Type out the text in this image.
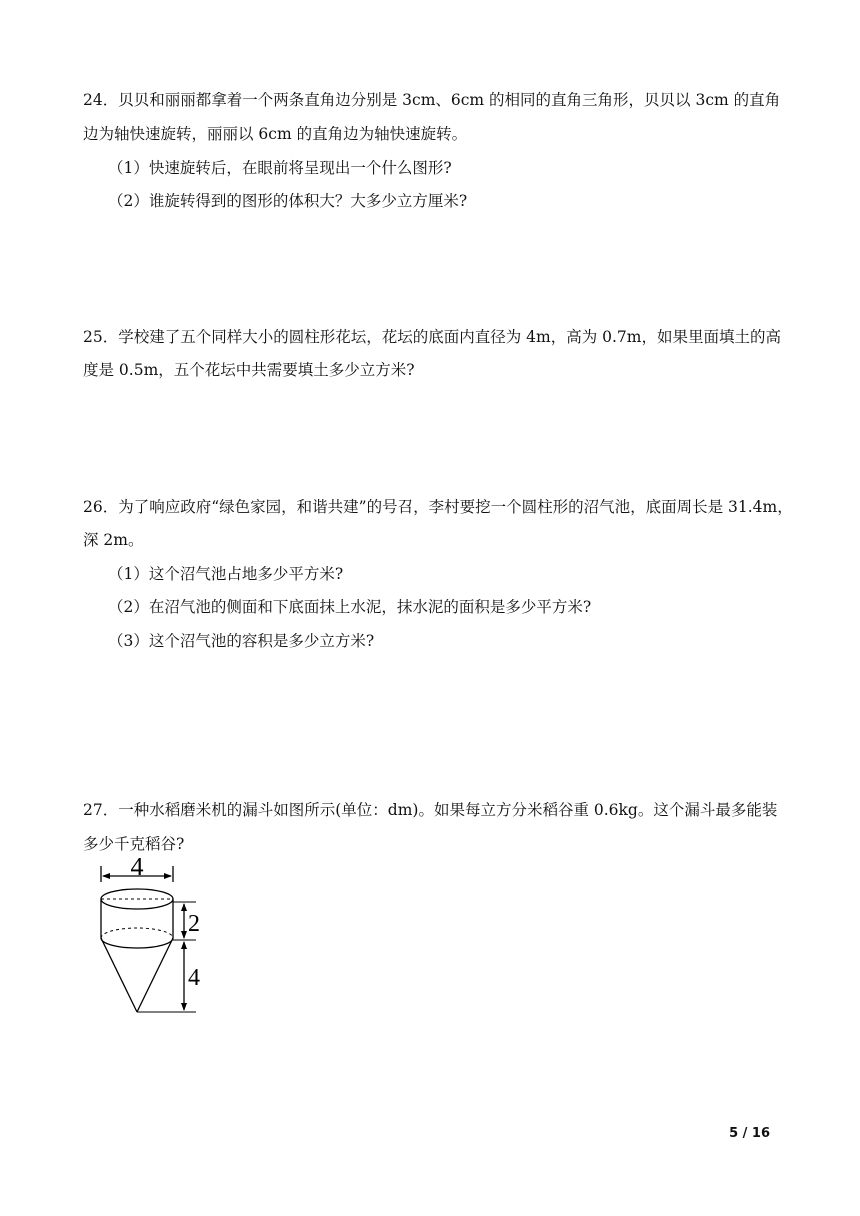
24．贝贝和丽丽都拿着一个两条直角边分别是 3cm、6cm 的相同的直角三角形，贝贝以 3cm 的直角
边为轴快速旋转，丽丽以 6cm 的直角边为轴快速旋转。
（1）快速旋转后，在眼前将呈现出一个什么图形?
（2）谁旋转得到的图形的体积大？大多少立方厘米?
25．学校建了五个同样大小的圆柱形花坛，花坛的底面内直径为 4m，高为 0.7m，如果里面填土的高
度是 0.5m，五个花坛中共需要填土多少立方米?
26．为了响应政府“绿色家园，和谐共建”的号召，李村要挖一个圆柱形的沼气池，底面周长是 31.4m，
深 2m。
（1）这个沼气池占地多少平方米?
（2）在沼气池的侧面和下底面抹上水泥，抹水泥的面积是多少平方米?
（3）这个沼气池的容积是多少立方米?
27．一种水稻磨米机的漏斗如图所示(单位：dm)。如果每立方分米稻谷重 0.6kg。这个漏斗最多能装
多少千克稻谷?
4
2
4
5 / 16
